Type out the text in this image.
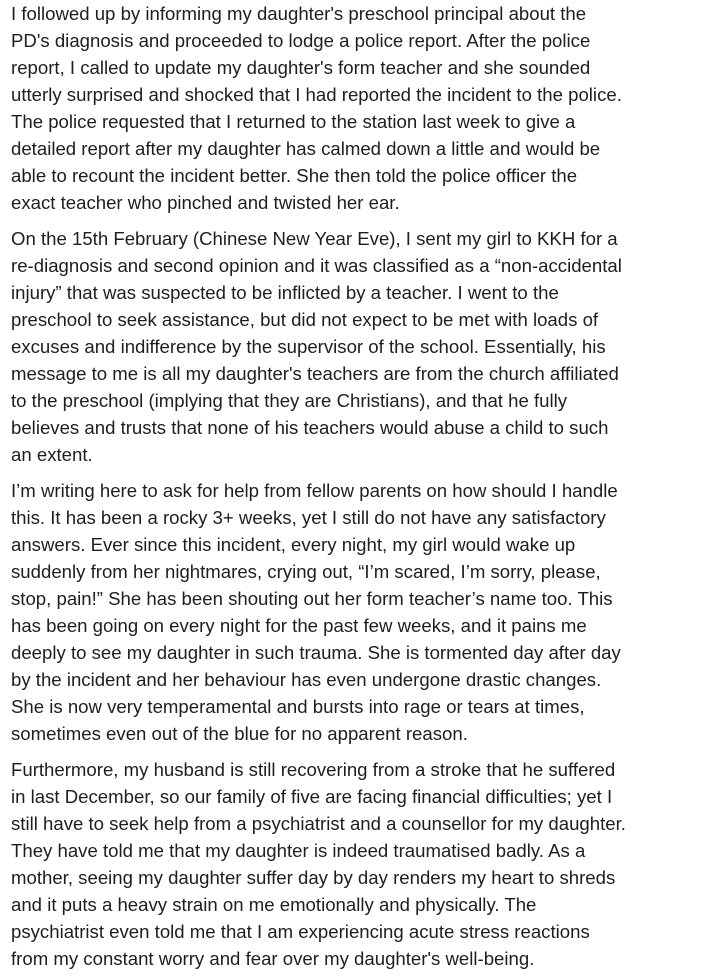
I followed up by informing my daughter's preschool principal about the
PD's diagnosis and proceeded to lodge a police report. After the police
report, I called to update my daughter's form teacher and she sounded
utterly surprised and shocked that I had reported the incident to the police.
The police requested that I returned to the station last week to give a
detailed report after my daughter has calmed down a little and would be
able to recount the incident better. She then told the police officer the
exact teacher who pinched and twisted her ear.

On the 15th February (Chinese New Year Eve), I sent my girl to KKH for a
re-diagnosis and second opinion and it was classified as a “non-accidental
injury” that was suspected to be inflicted by a teacher. I went to the
preschool to seek assistance, but did not expect to be met with loads of
excuses and indifference by the supervisor of the school. Essentially, his
message to me is all my daughter's teachers are from the church affiliated
to the preschool (implying that they are Christians), and that he fully
believes and trusts that none of his teachers would abuse a child to such
an extent.

I’m writing here to ask for help from fellow parents on how should I handle
this. It has been a rocky 3+ weeks, yet I still do not have any satisfactory
answers. Ever since this incident, every night, my girl would wake up
suddenly from her nightmares, crying out, “I’m scared, I’m sorry, please,
stop, pain!” She has been shouting out her form teacher’s name too. This
has been going on every night for the past few weeks, and it pains me
deeply to see my daughter in such trauma. She is tormented day after day
by the incident and her behaviour has even undergone drastic changes.
She is now very temperamental and bursts into rage or tears at times,
sometimes even out of the blue for no apparent reason.

Furthermore, my husband is still recovering from a stroke that he suffered
in last December, so our family of five are facing financial difficulties; yet I
still have to seek help from a psychiatrist and a counsellor for my daughter.
They have told me that my daughter is indeed traumatised badly. As a
mother, seeing my daughter suffer day by day renders my heart to shreds
and it puts a heavy strain on me emotionally and physically. The
psychiatrist even told me that I am experiencing acute stress reactions
from my constant worry and fear over my daughter's well-being.
